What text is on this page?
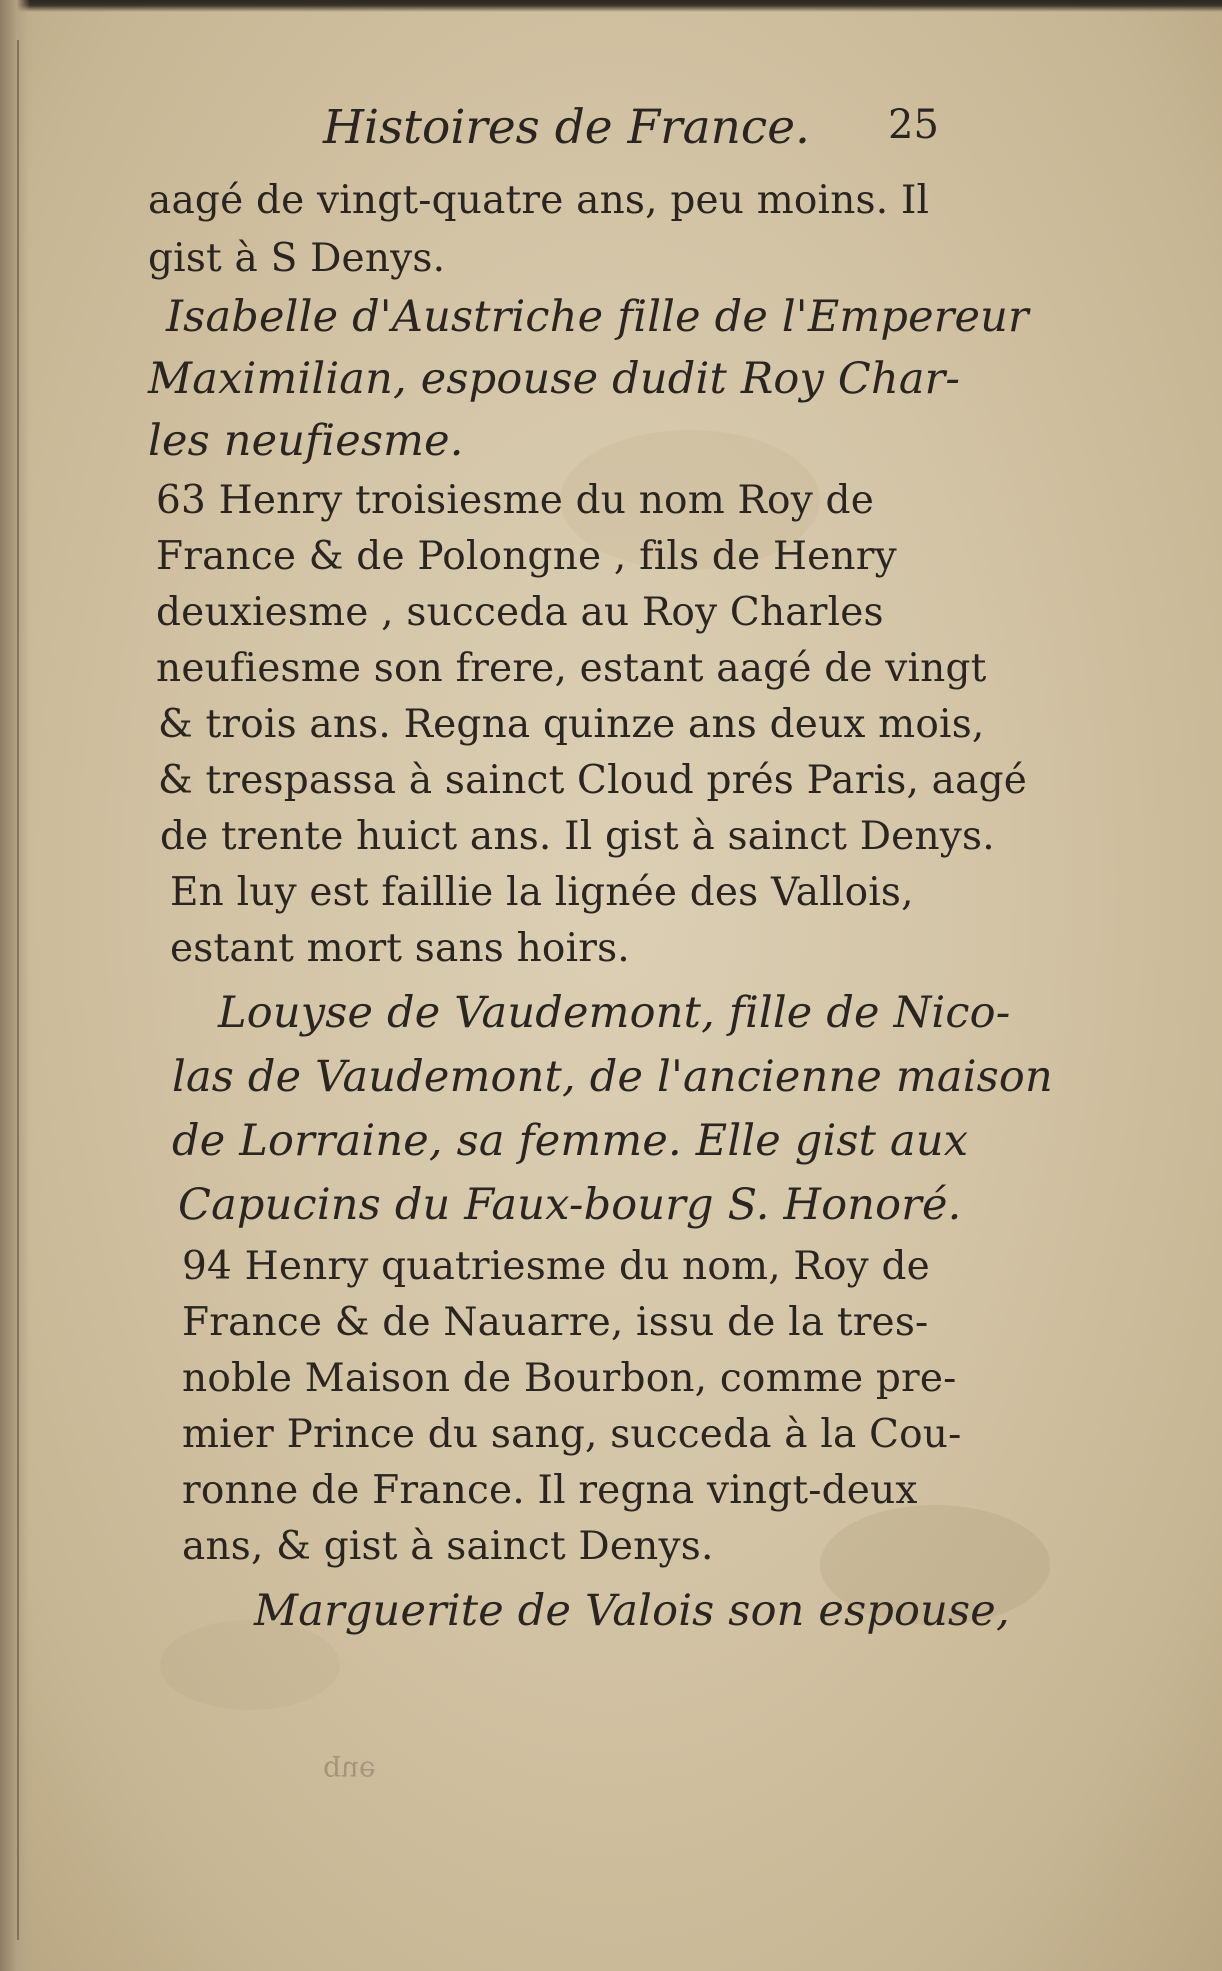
Histoires de France. 25
aagé de vingt-quatre ans, peu moins. Il
gist à S Denys.
Isabelle d'Austriche fille de l'Empereur
Maximilian, espouse dudit Roy Char-
les neufiesme.
63 Henry troisiesme du nom Roy de
France & de Polongne , fils de Henry
deuxiesme , succeda au Roy Charles
neufiesme son frere, estant aagé de vingt
& trois ans. Regna quinze ans deux mois,
& trespassa à sainct Cloud prés Paris, aagé
de trente huict ans. Il gist à sainct Denys.
En luy est faillie la lignée des Vallois,
estant mort sans hoirs.
Louyse de Vaudemont, fille de Nico-
las de Vaudemont, de l'ancienne maison
de Lorraine, sa femme. Elle gist aux
Capucins du Faux-bourg S. Honoré.
94 Henry quatriesme du nom, Roy de
France & de Nauarre, issu de la tres-
noble Maison de Bourbon, comme pre-
mier Prince du sang, succeda à la Cou-
ronne de France. Il regna vingt-deux
ans, & gist à sainct Denys.
Marguerite de Valois son espouse,
que
